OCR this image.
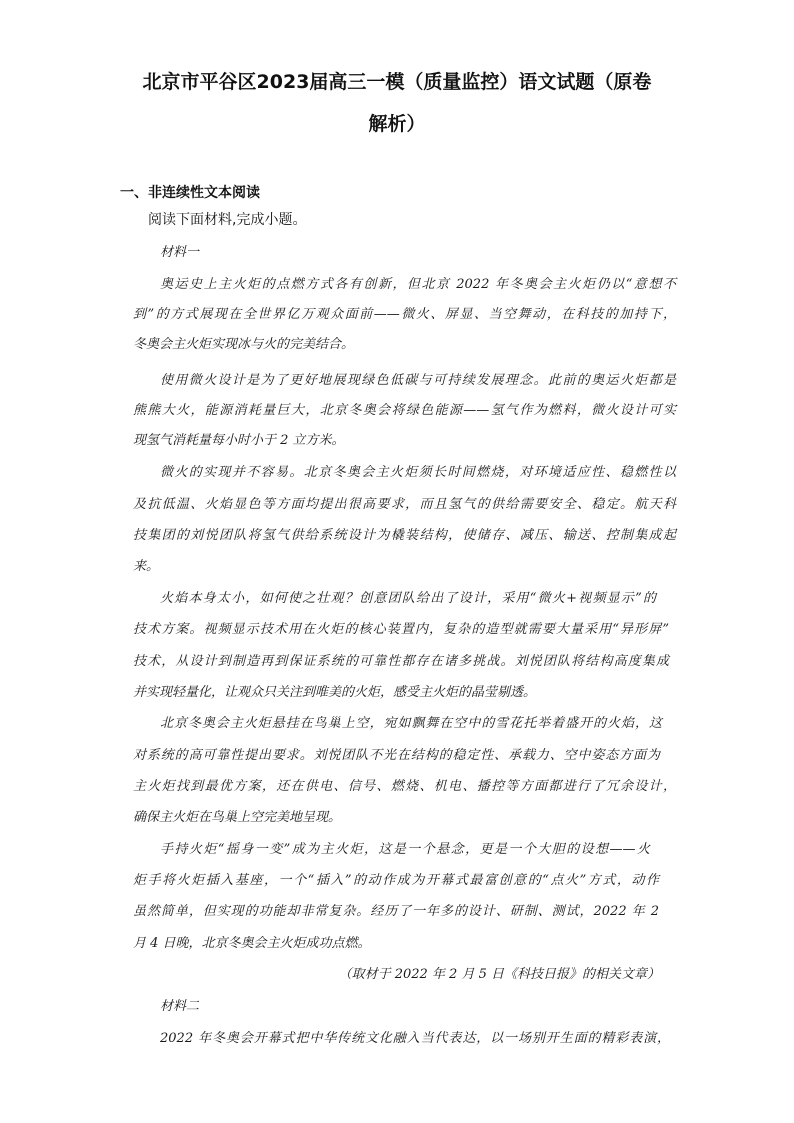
北京市平谷区2023届高三一模（质量监控）语文试题（原卷
解析）
一、非连续性文本阅读
阅读下面材料,完成小题。
材料一
奥运史上主火炬的点燃方式各有创新，但北京 2022 年冬奥会主火炬仍以“意想不
到”的方式展现在全世界亿万观众面前——微火、屏显、当空舞动，在科技的加持下，
冬奥会主火炬实现冰与火的完美结合。
使用微火设计是为了更好地展现绿色低碳与可持续发展理念。此前的奥运火炬都是
熊熊大火，能源消耗量巨大，北京冬奥会将绿色能源——氢气作为燃料，微火设计可实
现氢气消耗量每小时小于 2 立方米。
微火的实现并不容易。北京冬奥会主火炬须长时间燃烧，对环境适应性、稳燃性以
及抗低温、火焰显色等方面均提出很高要求，而且氢气的供给需要安全、稳定。航天科
技集团的刘悦团队将氢气供给系统设计为橇装结构，使储存、减压、输送、控制集成起
来。
火焰本身太小，如何使之壮观？创意团队给出了设计，采用“微火+视频显示”的
技术方案。视频显示技术用在火炬的核心装置内，复杂的造型就需要大量采用“异形屏”
技术，从设计到制造再到保证系统的可靠性都存在诸多挑战。刘悦团队将结构高度集成
并实现轻量化，让观众只关注到唯美的火炬，感受主火炬的晶莹剔透。
北京冬奥会主火炬悬挂在鸟巢上空，宛如飘舞在空中的雪花托举着盛开的火焰，这
对系统的高可靠性提出要求。刘悦团队不光在结构的稳定性、承载力、空中姿态方面为
主火炬找到最优方案，还在供电、信号、燃烧、机电、播控等方面都进行了冗余设计，
确保主火炬在鸟巢上空完美地呈现。
手持火炬“摇身一变”成为主火炬，这是一个悬念，更是一个大胆的设想——火
炬手将火炬插入基座，一个“插入”的动作成为开幕式最富创意的“点火”方式，动作
虽然简单，但实现的功能却非常复杂。经历了一年多的设计、研制、测试，2022 年 2
月 4 日晚，北京冬奥会主火炬成功点燃。
（取材于 2022 年 2 月 5 日《科技日报》的相关文章）
材料二
2022 年冬奥会开幕式把中华传统文化融入当代表达，以一场别开生面的精彩表演，
